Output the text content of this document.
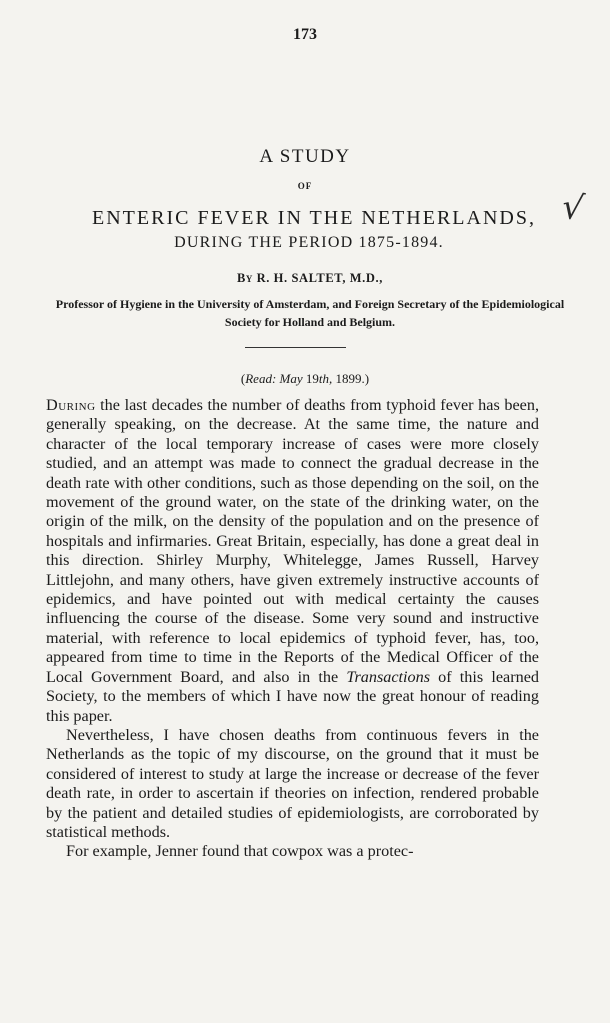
173
√
A STUDY
OF
ENTERIC FEVER IN THE NETHERLANDS,
DURING THE PERIOD 1875-1894.
By R. H. SALTET, M.D.,
Professor of Hygiene in the University of Amsterdam, and Foreign Secretary of the Epidemiological Society for Holland and Belgium.
(Read: May 19th, 1899.)

During the last decades the number of deaths from typhoid fever has been, generally speaking, on the decrease. At the same time, the nature and character of the local temporary increase of cases were more closely studied, and an attempt was made to connect the gradual decrease in the death rate with other conditions, such as those depending on the soil, on the movement of the ground water, on the state of the drinking water, on the origin of the milk, on the density of the population and on the presence of hospitals and infirmaries. Great Britain, especially, has done a great deal in this direction. Shirley Murphy, Whitelegge, James Russell, Harvey Littlejohn, and many others, have given extremely instructive accounts of epidemics, and have pointed out with medical certainty the causes influencing the course of the disease. Some very sound and instructive material, with reference to local epidemics of typhoid fever, has, too, appeared from time to time in the Reports of the Medical Officer of the Local Government Board, and also in the Transactions of this learned Society, to the members of which I have now the great honour of reading this paper.

Nevertheless, I have chosen deaths from continuous fevers in the Netherlands as the topic of my discourse, on the ground that it must be considered of interest to study at large the increase or decrease of the fever death rate, in order to ascertain if theories on infection, rendered probable by the patient and detailed studies of epidemiologists, are corroborated by statistical methods.

For example, Jenner found that cowpox was a protec-
